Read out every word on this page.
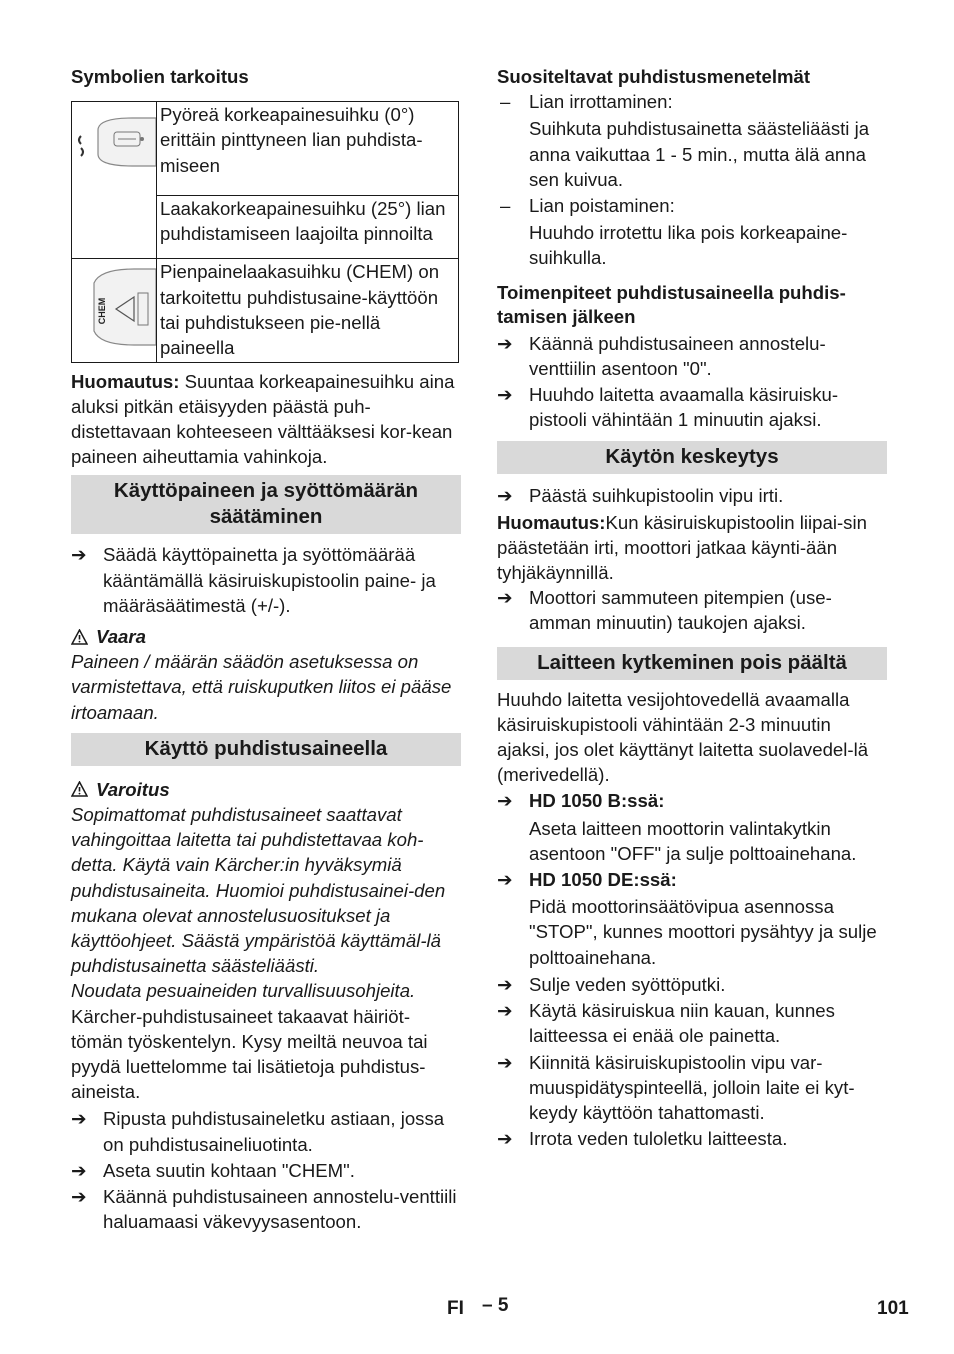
Symbolien tarkoitus

	Pyöreä korkeapainesuihku (0°) erittäin pinttyneen lian puhdista-miseen
	Laakakorkeapainesuihku (25°) lian puhdistamiseen laajoilta pinnoilta

CHEM	Pienpainelaakasuihku (CHEM) on tarkoitettu puhdistusaine-käyttöön tai puhdistukseen pie-nellä paineella

Huomautus: Suuntaa korkeapainesuihku aina aluksi pitkän etäisyyden päästä puh-distettavaan kohteeseen välttääksesi kor-kean paineen aiheuttamia vahinkoja.

Käyttöpaineen ja syöttömäärän säätäminen
➔ Säädä käyttöpainetta ja syöttömäärää kääntämällä käsiruiskupistoolin paine- ja määräsäätimestä (+/-).
Vaara

Paineen / määrän säädön asetuksessa on varmistettava, että ruiskuputken liitos ei pääse irtoamaan.

Käyttö puhdistusaineella
Varoitus

Sopimattomat puhdistusaineet saattavat vahingoittaa laitetta tai puhdistettavaa koh-detta. Käytä vain Kärcher:in hyväksymiä puhdistusaineita. Huomioi puhdistusainei-den mukana olevat annostelusuositukset ja käyttöohjeet. Säästä ympäristöä käyttämäl-lä puhdistusainetta säästeliäästi.

Noudata pesuaineiden turvallisuusohjeita.

Kärcher-puhdistusaineet takaavat häiriöt-tömän työskentelyn. Kysy meiltä neuvoa tai pyydä luettelomme tai lisätietoja puhdistus-aineista.

➔ Ripusta puhdistusaineletku astiaan, jossa on puhdistusaineliuotinta.
➔ Aseta suutin kohtaan "CHEM".
➔ Käännä puhdistusaineen annostelu-venttiili haluamaasi väkevyysasentoon.

Suositeltavat puhdistusmenetelmät

– Lian irrottaminen:

Suihkuta puhdistusainetta säästeliäästi ja anna vaikuttaa 1 - 5 min., mutta älä anna sen kuivua.

– Lian poistaminen:

Huuhdo irrotettu lika pois korkeapaine-suihkulla.

Toimenpiteet puhdistusaineella puhdis-tamisen jälkeen

➔ Käännä puhdistusaineen annostelu-venttiilin asentoon "0".
➔ Huuhdo laitetta avaamalla käsiruisku-pistooli vähintään 1 minuutin ajaksi.
Käytön keskeytys
➔ Päästä suihkupistoolin vipu irti.

Huomautus:Kun käsiruiskupistoolin liipai-sin päästetään irti, moottori jatkaa käynti-ään tyhjäkäynnillä.

➔ Moottori sammuteen pitempien (use-amman minuutin) taukojen ajaksi.
Laitteen kytkeminen pois päältä

Huuhdo laitetta vesijohtovedellä avaamalla käsiruiskupistooli vähintään 2-3 minuutin ajaksi, jos olet käyttänyt laitetta suolavedel-lä (merivedellä).

➔ HD 1050 B:ssä:

Aseta laitteen moottorin valintakytkin asentoon "OFF" ja sulje polttoainehana.

➔ HD 1050 DE:ssä:

Pidä moottorinsäätövipua asennossa "STOP", kunnes moottori pysähtyy ja sulje polttoainehana.

➔ Sulje veden syöttöputki.
➔ Käytä käsiruiskua niin kauan, kunnes laitteessa ei enää ole painetta.
➔ Kiinnitä käsiruiskupistoolin vipu var-muuspidätyspinteellä, jolloin laite ei kyt-keydy käyttöön tahattomasti.
➔ Irrota veden tuloletku laitteesta.
FI – 5	101
